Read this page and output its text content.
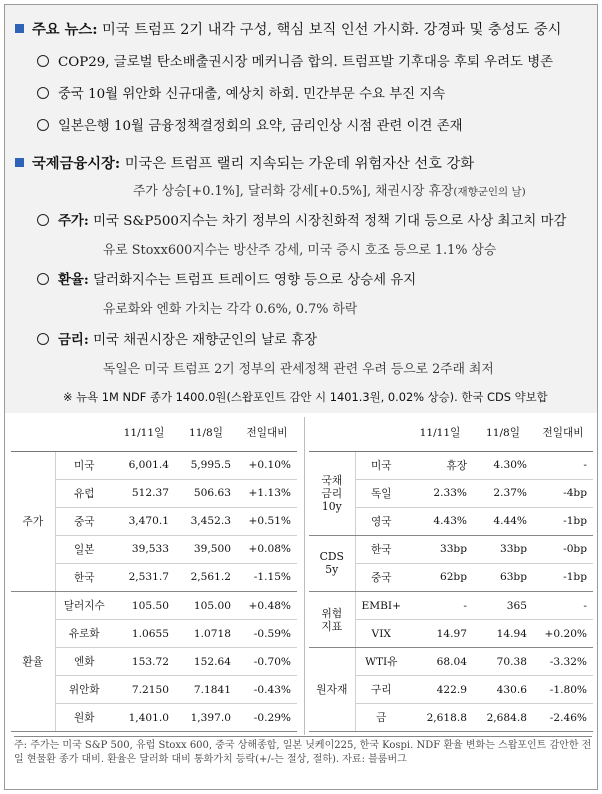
주요 뉴스: 미국 트럼프 2기 내각 구성, 핵심 보직 인선 가시화. 강경파 및 충성도 중시
COP29, 글로벌 탄소배출권시장 메커니즘 합의. 트럼프발 기후대응 후퇴 우려도 병존
중국 10월 위안화 신규대출, 예상치 하회. 민간부문 수요 부진 지속
일본은행 10월 금융정책결정회의 요약, 금리인상 시점 관련 이견 존재
국제금융시장: 미국은 트럼프 랠리 지속되는 가운데 위험자산 선호 강화
주가 상승[+0.1%], 달러화 강세[+0.5%], 채권시장 휴장(재향군인의 날)
주가: 미국 S&P500지수는 차기 정부의 시장친화적 정책 기대 등으로 사상 최고치 마감
유로 Stoxx600지수는 방산주 강세, 미국 증시 호조 등으로 1.1% 상승
환율: 달러화지수는 트럼프 트레이드 영향 등으로 상승세 유지
유로화와 엔화 가치는 각각 0.6%, 0.7% 하락
금리: 미국 채권시장은 재향군인의 날로 휴장
독일은 미국 트럼프 2기 정부의 관세정책 관련 우려 등으로 2주래 최저
※ 뉴욕 1M NDF 종가 1400.0원(스왑포인트 감안 시 1401.3원, 0.02% 상승). 한국 CDS 약보합
		11/11일	11/8일	전일대비
주가	미국	6,001.4	5,995.5	+0.10%
	유럽	512.37	506.63	+1.13%
	중국	3,470.1	3,452.3	+0.51%
	일본	39,533	39,500	+0.08%
	한국	2,531.7	2,561.2	-1.15%
환율	달러지수	105.50	105.00	+0.48%
	유로화	1.0655	1.0718	-0.59%
	엔화	153.72	152.64	-0.70%
	위안화	7.2150	7.1841	-0.43%
	원화	1,401.0	1,397.0	-0.29%
		11/11일	11/8일	전일대비
국채
금리
10y	미국	휴장	4.30%	-
	독일	2.33%	2.37%	-4bp
	영국	4.43%	4.44%	-1bp
CDS
5y	한국	33bp	33bp	-0bp
	중국	62bp	63bp	-1bp
위험
지표	EMBI+	-	365	-
	VIX	14.97	14.94	+0.20%
원자재	WTI유	68.04	70.38	-3.32%
	구리	422.9	430.6	-1.80%
	금	2,618.8	2,684.8	-2.46%
주: 주가는 미국 S&P 500, 유럽 Stoxx 600, 중국 상해종합, 일본 닛케이225, 한국 Kospi. NDF 환율 변화는 스왑포인트 감안한 전일 현물환 종가 대비. 환율은 달러화 대비 통화가치 등락(+/-는 절상, 절하). 자료: 블룸버그
